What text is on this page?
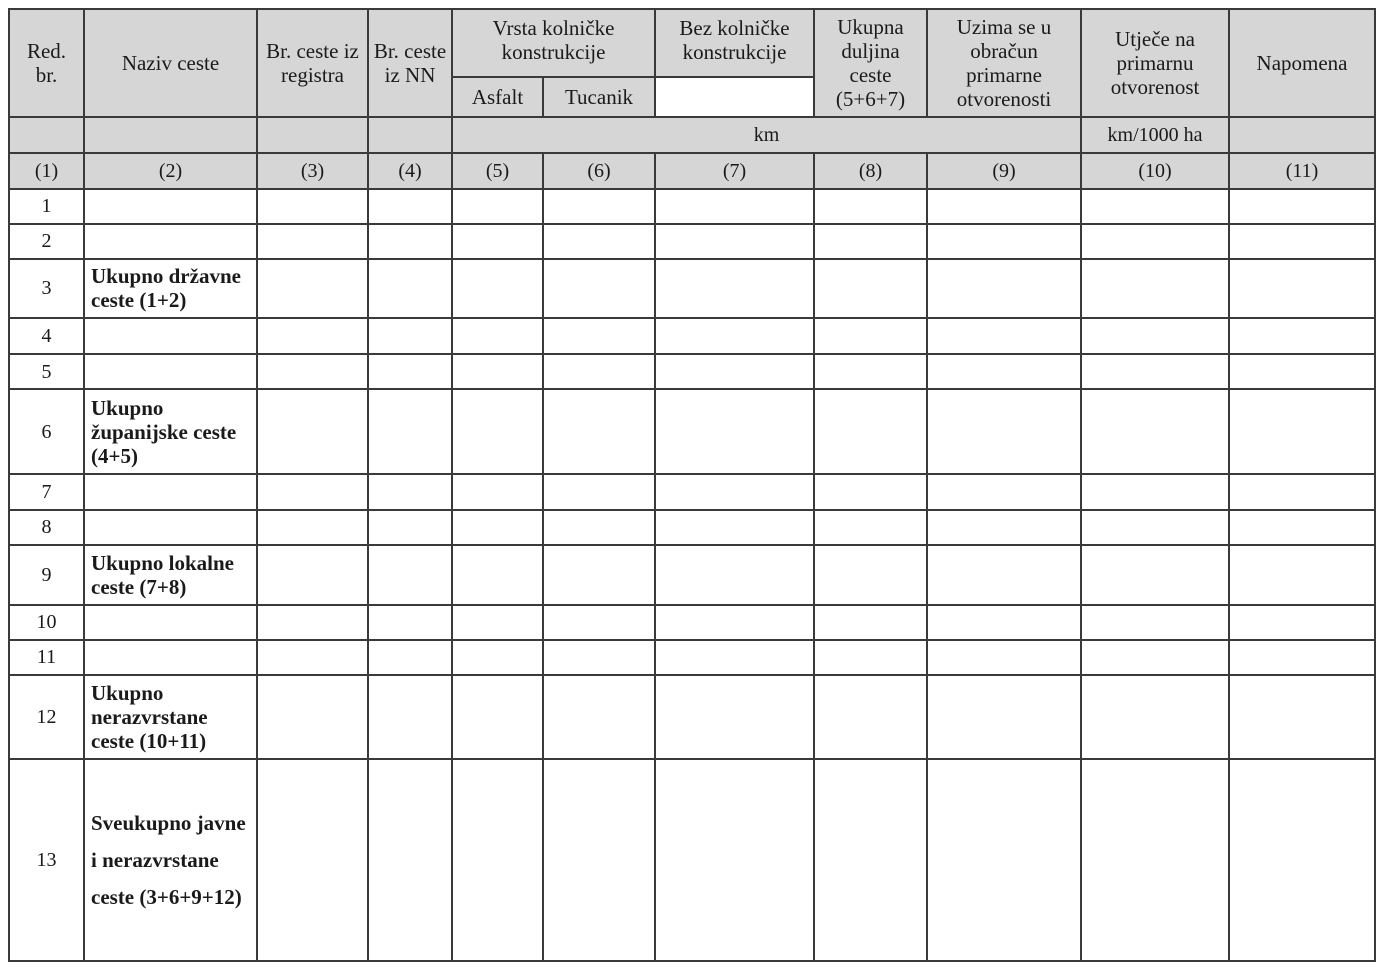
Red. br.	Naziv ceste	Br. ceste iz registra	Br. ceste iz NN	Vrsta kolničke konstrukcije		Bez kolničke konstrukcije	Ukupna duljina ceste (5+6+7)	Uzima se u obračun primarne otvorenosti	Utječe na primarnu otvorenost	Napomena
				Asfalt	Tucanik					
				km					km/1000 ha	
(1)	(2)	(3)	(4)	(5)	(6)	(7)	(8)	(9)	(10)	(11)
1										
2										
3	Ukupno državne ceste (1+2)									
4										
5										
6	Ukupno županijske ceste (4+5)									
7										
8										
9	Ukupno lokalne ceste (7+8)									
10										
11										
12	Ukupno nerazvrstane ceste (10+11)									
13	Sveukupno javne i nerazvrstane ceste (3+6+9+12)									
